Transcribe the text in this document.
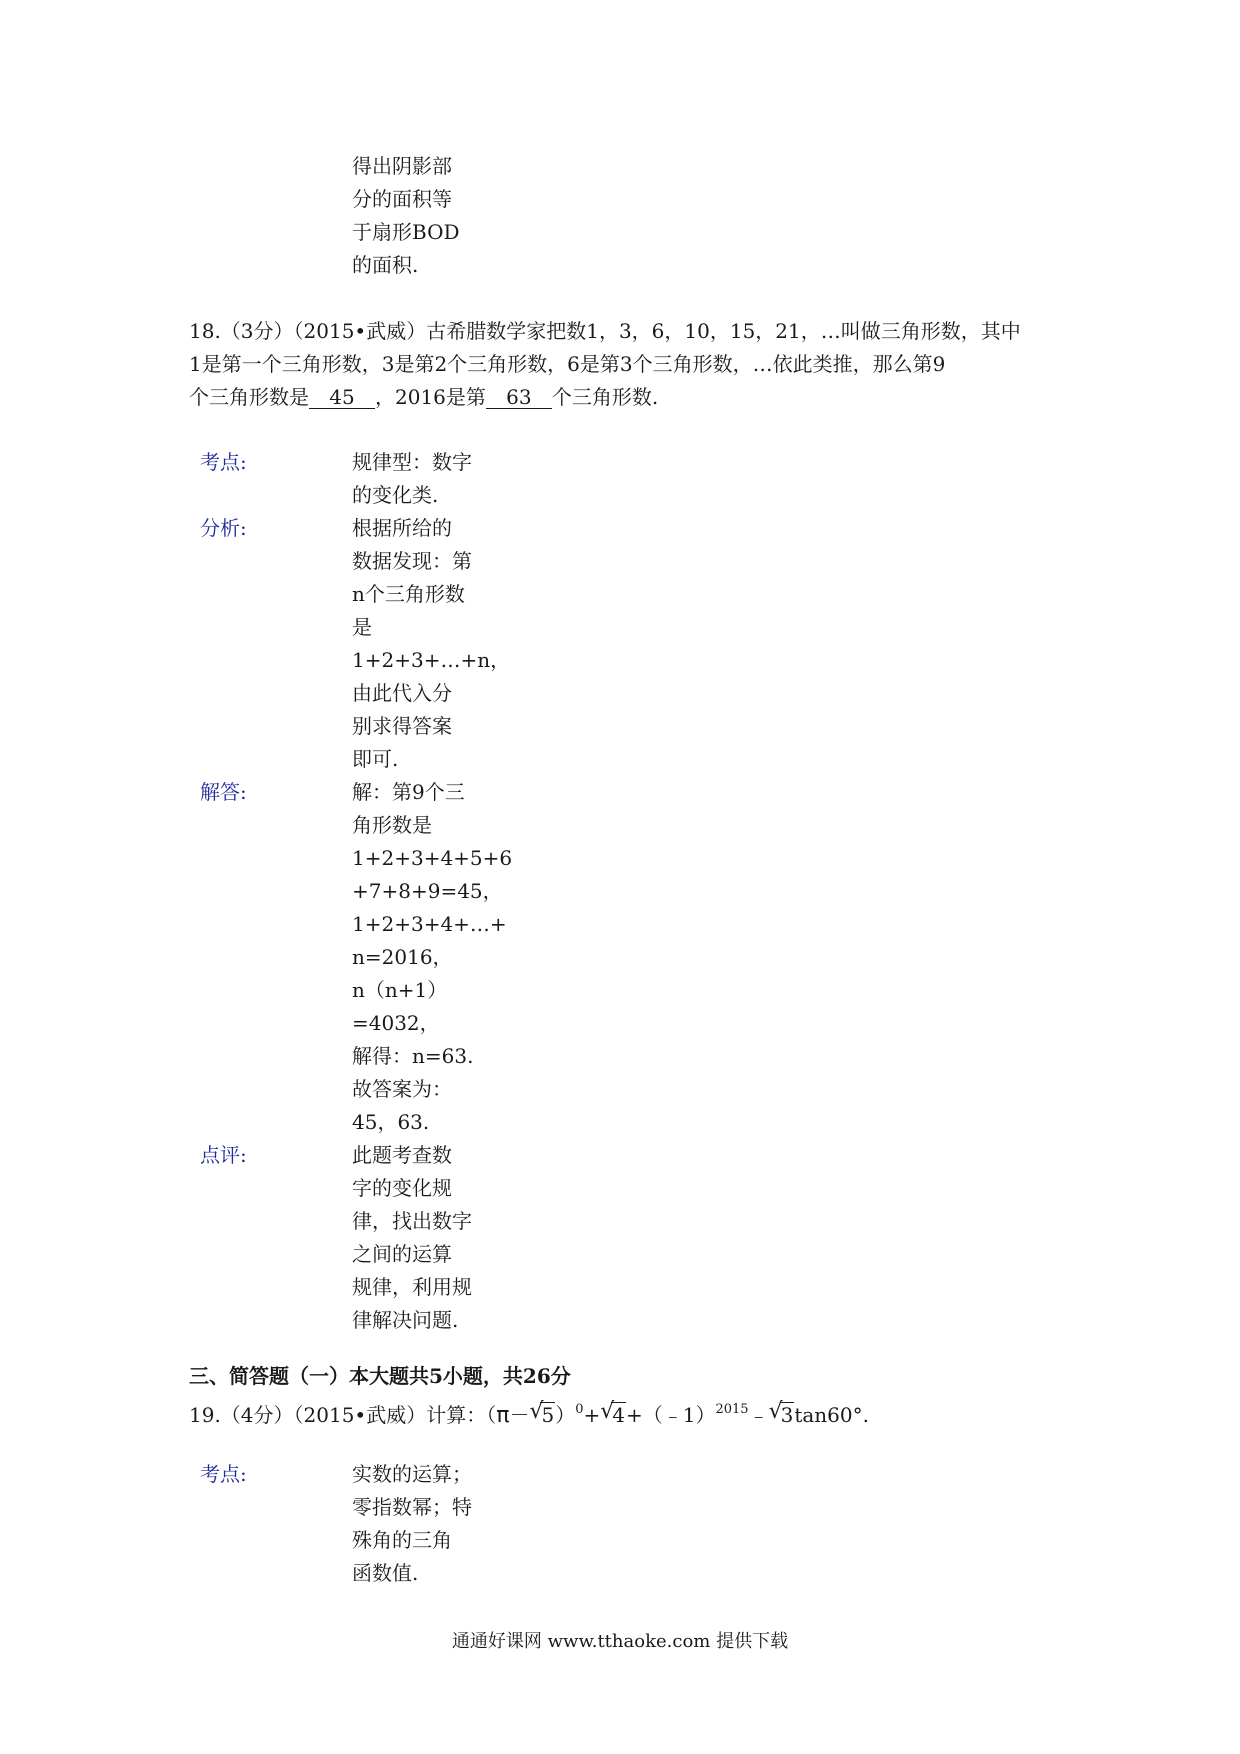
得出阴影部
分的面积等
于扇形BOD
的面积.
18.（3分）（2015•武威）古希腊数学家把数1，3，6，10，15，21，…叫做三角形数，其中
1是第一个三角形数，3是第2个三角形数，6是第3个三角形数，…依此类推，那么第9
个三角形数是 45 ，2016是第 63 个三角形数.
考点:	规律型：数字
的变化类.
分析:	根据所给的
数据发现：第
n个三角形数
是
1+2+3+…+n，
由此代入分
别求得答案
即可.
解答:	解：第9个三
角形数是
1+2+3+4+5+6
+7+8+9=45，
1+2+3+4+…+
n=2016，
n（n+1）
=4032，
解得：n=63.
故答案为：
45，63.
点评:	此题考查数
字的变化规
律，找出数字
之间的运算
规律，利用规
律解决问题.
三、简答题（一）本大题共5小题，共26分
19.（4分）（2015•武威）计算：（π－ √
5）$^0$+ √
4+（﹣1）$^{2015}$﹣ √
3tan60°.
考点:	实数的运算；
零指数幂；特
殊角的三角
函数值.
通通好课网 www.tthaoke.com 提供下载
